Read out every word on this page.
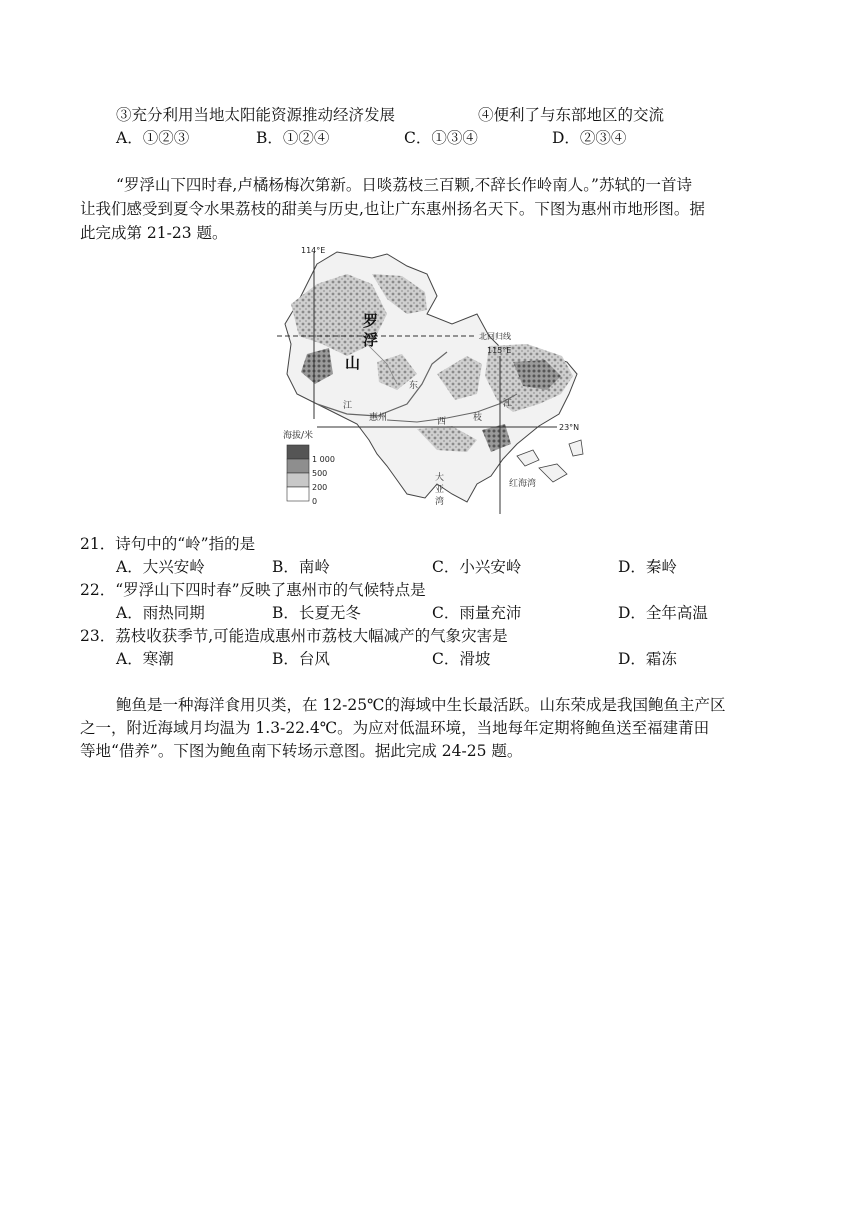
③充分利用当地太阳能资源推动经济发展	④便利了与东部地区的交流
A．①②③	B．①②④	C．①③④	D．②③④
“罗浮山下四时春,卢橘杨梅次第新。日啖荔枝三百颗,不辞长作岭南人。”苏轼的一首诗
让我们感受到夏令水果荔枝的甜美与历史,也让广东惠州扬名天下。下图为惠州市地形图。据
此完成第 21-23 题。
114°E
115°E
23°N
北回归线
罗
浮
山
东
江
西	枝
江
惠州
大
亚
湾
红海湾
海拔/米
1 000
500
200
0
21．诗句中的“岭”指的是
A．大兴安岭	B．南岭	C．小兴安岭	D．秦岭
22．“罗浮山下四时春”反映了惠州市的气候特点是
A．雨热同期	B．长夏无冬	C．雨量充沛	D．全年高温
23．荔枝收获季节,可能造成惠州市荔枝大幅减产的气象灾害是
A．寒潮	B．台风	C．滑坡	D．霜冻
鲍鱼是一种海洋食用贝类，在 12-25℃的海域中生长最活跃。山东荣成是我国鲍鱼主产区
之一，附近海域月均温为 1.3-22.4℃。为应对低温环境，当地每年定期将鲍鱼送至福建莆田
等地“借养”。下图为鲍鱼南下转场示意图。据此完成 24-25 题。
